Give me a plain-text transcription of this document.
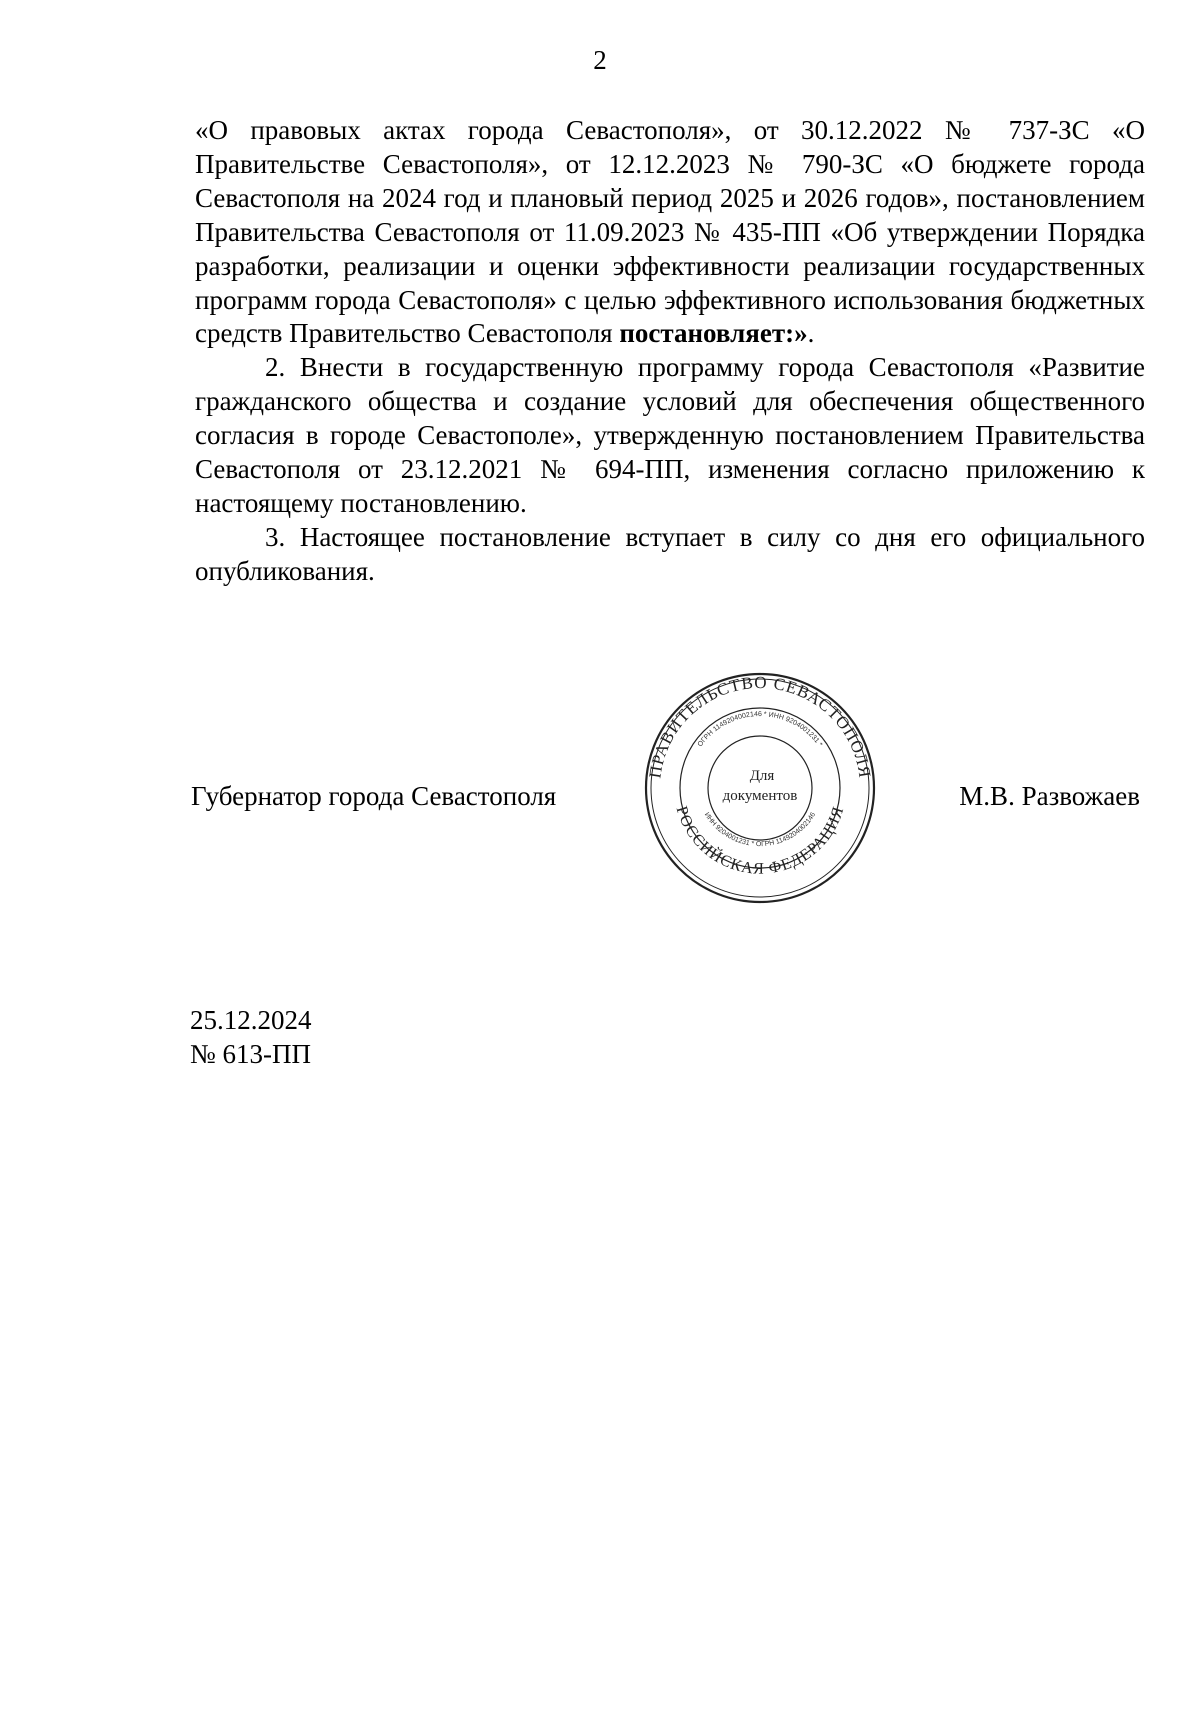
2

«О правовых актах города Севастополя», от 30.12.2022 № 737-ЗС «О Правительстве Севастополя», от 12.12.2023 № 790-ЗС «О бюджете города Севастополя на 2024 год и плановый период 2025 и 2026 годов», постановлением Правительства Севастополя от 11.09.2023 № 435-ПП «Об утверждении Порядка разработки, реализации и оценки эффективности реализации государственных программ города Севастополя» с целью эффективного использования бюджетных средств Правительство Севастополя постановляет:».

2. Внести в государственную программу города Севастополя «Развитие гражданского общества и создание условий для обеспечения общественного согласия в городе Севастополе», утвержденную постановлением Правительства Севастополя от 23.12.2021 № 694-ПП, изменения согласно приложению к настоящему постановлению.

3. Настоящее постановление вступает в силу со дня его официального опубликования.

Губернатор города Севастополя
ПРАВИТЕЛЬСТВО СЕВАСТОПОЛЯ
РОССИЙСКАЯ ФЕДЕРАЦИЯ
ОГРН 1149204002146 * ИНН 9204001231 *
ИНН 9204001231 * ОГРН 1149204002146
Для
документов	М.В. Развожаев
25.12.2024
№ 613-ПП
